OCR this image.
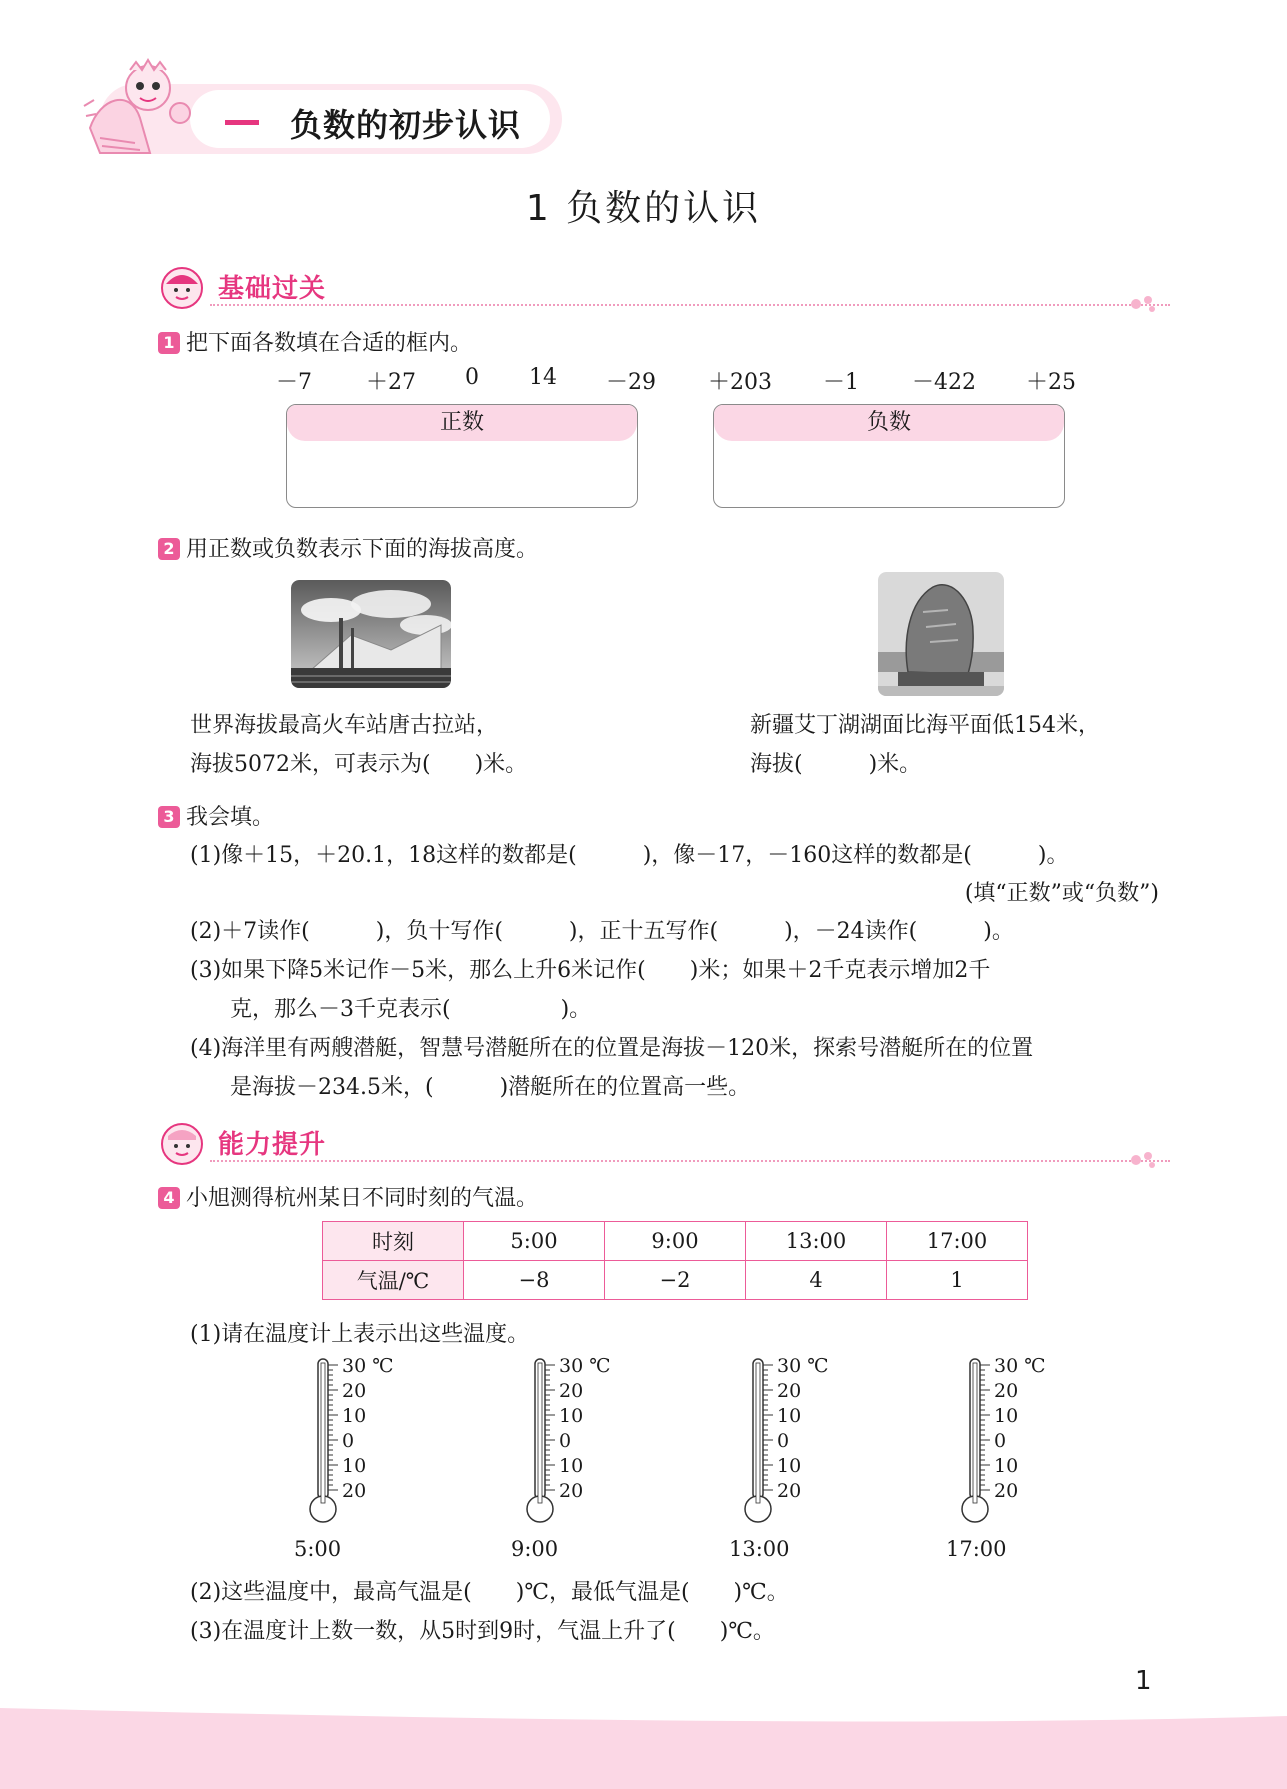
负数的初步认识
1 负数的认识
基础过关
1 把下面各数填在合适的框内。
－7 ＋27 0 14 －29 ＋203 －1 －422 ＋25
正数	负数
2 用正数或负数表示下面的海拔高度。
世界海拔最高火车站唐古拉站，
海拔5072米，可表示为(　　)米。
新疆艾丁湖湖面比海平面低154米，
海拔(　　　)米。
3 我会填。
(1)像＋15，＋20.1，18这样的数都是(　　　)，像－17，－160这样的数都是(　　　)。
(填“正数”或“负数”)
(2)＋7读作(　　　)，负十写作(　　　)，正十五写作(　　　)，－24读作(　　　)。
(3)如果下降5米记作－5米，那么上升6米记作(　　)米；如果＋2千克表示增加2千
克，那么－3千克表示(　　　　　)。
(4)海洋里有两艘潜艇，智慧号潜艇所在的位置是海拔－120米，探索号潜艇所在的位置
是海拔－234.5米，(　　　)潜艇所在的位置高一些。
能力提升
4 小旭测得杭州某日不同时刻的气温。
时刻	5:00	9:00	13:00	17:00
气温/℃	−8	−2	4	1
(1)请在温度计上表示出这些温度。
30 ℃
20
10
0
10
20
5:00
30 ℃
20
10
0
10
20
9:00
30 ℃
20
10
0
10
20
13:00
30 ℃
20
10
0
10
20
17:00
(2)这些温度中，最高气温是(　　)℃，最低气温是(　　)℃。
(3)在温度计上数一数，从5时到9时，气温上升了(　　)℃。
1
